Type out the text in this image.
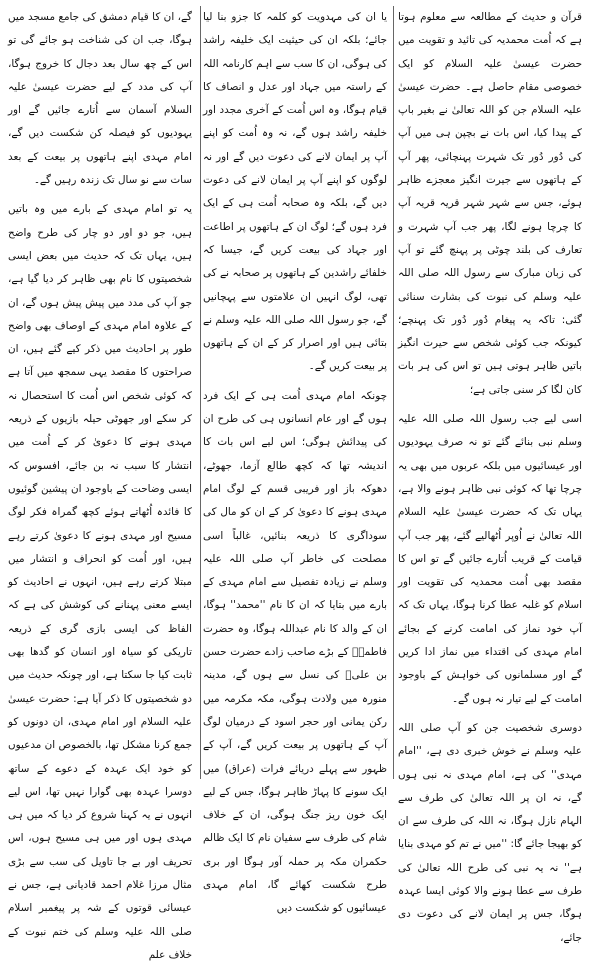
قرآن و حدیث کے مطالعہ سے معلوم ہوتا ہے کہ اُمت محمدیہ کی تائید و تقویت میں حضرت عیسیٰ علیہ السلام کو ایک خصوصی مقام حاصل ہے۔ حضرت عیسیٰ علیہ السلام جن کو اللہ تعالیٰ نے بغیر باپ کے پیدا کیا، اس بات نے بچپن ہی میں آپ کی دُور دُور تک شہرت پہنچائی، پھر آپ کے ہاتھوں سے جیرت انگیز معجزے ظاہر ہوئے، جس سے شہر شہر قریہ قریہ آپ کا چرچا ہونے لگا، پھر جب آپ شہرت و تعارف کی بلند چوٹی پر پہنچ گئے تو آپ کی زبان مبارک سے رسول اللہ صلی اللہ علیہ وسلم کی نبوت کی بشارت سنائی گئی: تاکہ یہ پیغام دُور دُور تک پہنچے؛ کیونکہ جب کوئی شخص سے حیرت انگیز باتیں ظاہر ہوتی ہیں تو اس کی ہر بات کان لگا کر سنی جاتی ہے؛

اسی لیے جب رسول اللہ صلی اللہ علیہ وسلم نبی بنائے گئے تو نہ صرف یہودیوں اور عیسائیوں میں بلکہ عربوں میں بھی یہ چرچا تھا کہ کوئی نبی ظاہر ہونے والا ہے، یہاں تک کہ حضرت عیسیٰ علیہ السلام اللہ تعالیٰ نے اُوپر اُٹھالیے گئے، پھر جب آپ قیامت کے قریب اُتارے جائیں گے تو اس کا مقصد بھی اُمت محمدیہ کی تقویت اور اسلام کو غلبہ عطا کرنا ہوگا، یہاں تک کہ آپ خود نماز کی امامت کرنے کے بجائے امام مہدی کی اقتداء میں نماز ادا کریں گے اور مسلمانوں کی خواہش کے باوجود امامت کے لیے تیار نہ ہوں گے۔

دوسری شخصیت جن کو آپ صلی اللہ علیہ وسلم نے خوش خبری دی ہے، ''امام مہدی'' کی ہے، امام مہدی نہ نبی ہوں گے، نہ ان پر اللہ تعالیٰ کی طرف سے الہام نازل ہوگا، نہ اللہ کی طرف سے ان کو بھیجا جائے گا: ''میں نے تم کو مہدی بنایا ہے'' نہ یہ نبی کی طرح اللہ تعالیٰ کی طرف سے عطا ہونے والا کوئی ایسا عہدہ ہوگا، جس پر ایمان لانے کی دعوت دی جائے،

یا ان کی مہدویت کو کلمہ کا جزو بنا لیا جائے؛ بلکہ ان کی حیثیت ایک خلیفہ راشد کی ہوگی، ان کا سب سے اہم کارنامہ اللہ کے راستہ میں جہاد اور عدل و انصاف کا قیام ہوگا، وہ اس اُمت کے آخری مجدد اور خلیفہ راشد ہوں گے، نہ وہ اُمت کو اپنے آپ پر ایمان لانے کی دعوت دیں گے اور نہ لوگوں کو اپنے آپ پر ایمان لانے کی دعوت دیں گے، بلکہ وہ صحابہ اُمت ہی کے ایک فرد ہوں گے؛ لوگ ان کے ہاتھوں پر اطاعت اور جہاد کی بیعت کریں گے، جیسا کہ خلفائے راشدین کے ہاتھوں پر صحابہ نے کی تھی، لوگ انہیں ان علامتوں سے پہچانیں گے، جو رسول اللہ صلی اللہ علیہ وسلم نے بتائی ہیں اور اصرار کر کے ان کے ہاتھوں پر بیعت کریں گے۔

چونکہ امام مہدی اُمت ہی کے ایک فرد ہوں گے اور عام انسانوں ہی کی طرح ان کی پیدائش ہوگی؛ اس لیے اس بات کا اندیشہ تھا کہ کچھ طالع آزما، جھوٹے، دھوکہ باز اور فریبی قسم کے لوگ امام مہدی ہونے کا دعویٰ کر کے ان کو مال کی سوداگری کا ذریعہ بنائیں، غالباً اسی مصلحت کی خاطر آپ صلی اللہ علیہ وسلم نے زیادہ تفصیل سے امام مہدی کے بارے میں بتایا کہ ان کا نام ''محمد'' ہوگا، ان کے والد کا نام عبداللہ ہوگا، وہ حضرت فاطمہؓ کے بڑے صاحب زادے حضرت حسن بن علیؓ کی نسل سے ہوں گے، مدینہ منورہ میں ولادت ہوگی، مکہ مکرمہ میں رکن یمانی اور حجر اسود کے درمیان لوگ آپ کے ہاتھوں پر بیعت کریں گے، آپ کے ظہور سے پہلے دریائے فرات (عراق) میں ایک سونے کا پہاڑ ظاہر ہوگا، جس کے لیے ایک خون ریز جنگ ہوگی، ان کے خلاف شام کی طرف سے سفیان نام کا ایک ظالم حکمران مکہ پر حملہ آور ہوگا اور بری طرح شکست کھائے گا، امام مہدی عیسائیوں کو شکست دیں

گے، ان کا قیام دمشق کی جامع مسجد میں ہوگا، جب ان کی شناخت ہو جائے گی تو اس کے چھ سال بعد دجال کا خروج ہوگا، آپ کی مدد کے لیے حضرت عیسیٰ علیہ السلام آسمان سے اُتارے جائیں گے اور یہودیوں کو فیصلہ کن شکست دیں گے، امام مہدی اپنے ہاتھوں پر بیعت کے بعد سات سے نو سال تک زندہ رہیں گے۔

یہ تو امام مہدی کے بارے میں وہ باتیں ہیں، جو دو اور دو چار کی طرح واضح ہیں، یہاں تک کہ حدیث میں بعض ایسی شخصیتوں کا نام بھی ظاہر کر دیا گیا ہے، جو آپ کی مدد میں پیش پیش ہوں گے، ان کے علاوہ امام مہدی کے اوصاف بھی واضح طور پر احادیث میں ذکر کیے گئے ہیں، ان صراحتوں کا مقصد یہی سمجھ میں آتا ہے کہ کوئی شخص اس اُمت کا استحصال نہ کر سکے اور جھوٹی حیلہ بازیوں کے ذریعہ مہدی ہونے کا دعویٰ کر کے اُمت میں انتشار کا سبب نہ بن جائے، افسوس کہ ایسی وضاحت کے باوجود ان پیشین گوئیوں کا فائدہ اُٹھاتے ہوئے کچھ گمراہ فکر لوگ مسیح اور مہدی ہونے کا دعویٰ کرتے رہے ہیں، اور اُمت کو انحراف و انتشار میں مبتلا کرتے رہے ہیں، انہوں نے احادیث کو ایسے معنی پہنانے کی کوشش کی ہے کہ الفاظ کی ایسی بازی گری کے ذریعہ تاریکی کو سیاہ اور انسان کو گدھا بھی ثابت کیا جا سکتا ہے، اور چونکہ حدیث میں دو شخصیتوں کا ذکر آیا ہے: حضرت عیسیٰ علیہ السلام اور امام مہدی، ان دونوں کو جمع کرنا مشکل تھا، بالخصوص ان مدعیوں کو خود ایک عہدہ کے دعوے کے ساتھ دوسرا عہدہ بھی گوارا نہیں تھا، اس لیے انہوں نے یہ کہنا شروع کر دیا کہ میں ہی مہدی ہوں اور میں ہی مسیح ہوں، اس تحریف اور بے جا تاویل کی سب سے بڑی مثال مرزا غلام احمد قادیانی ہے، جس نے عیسائی قوتوں کے شہ پر پیغمبر اسلام صلی اللہ علیہ وسلم کی ختم نبوت کے خلاف علم
